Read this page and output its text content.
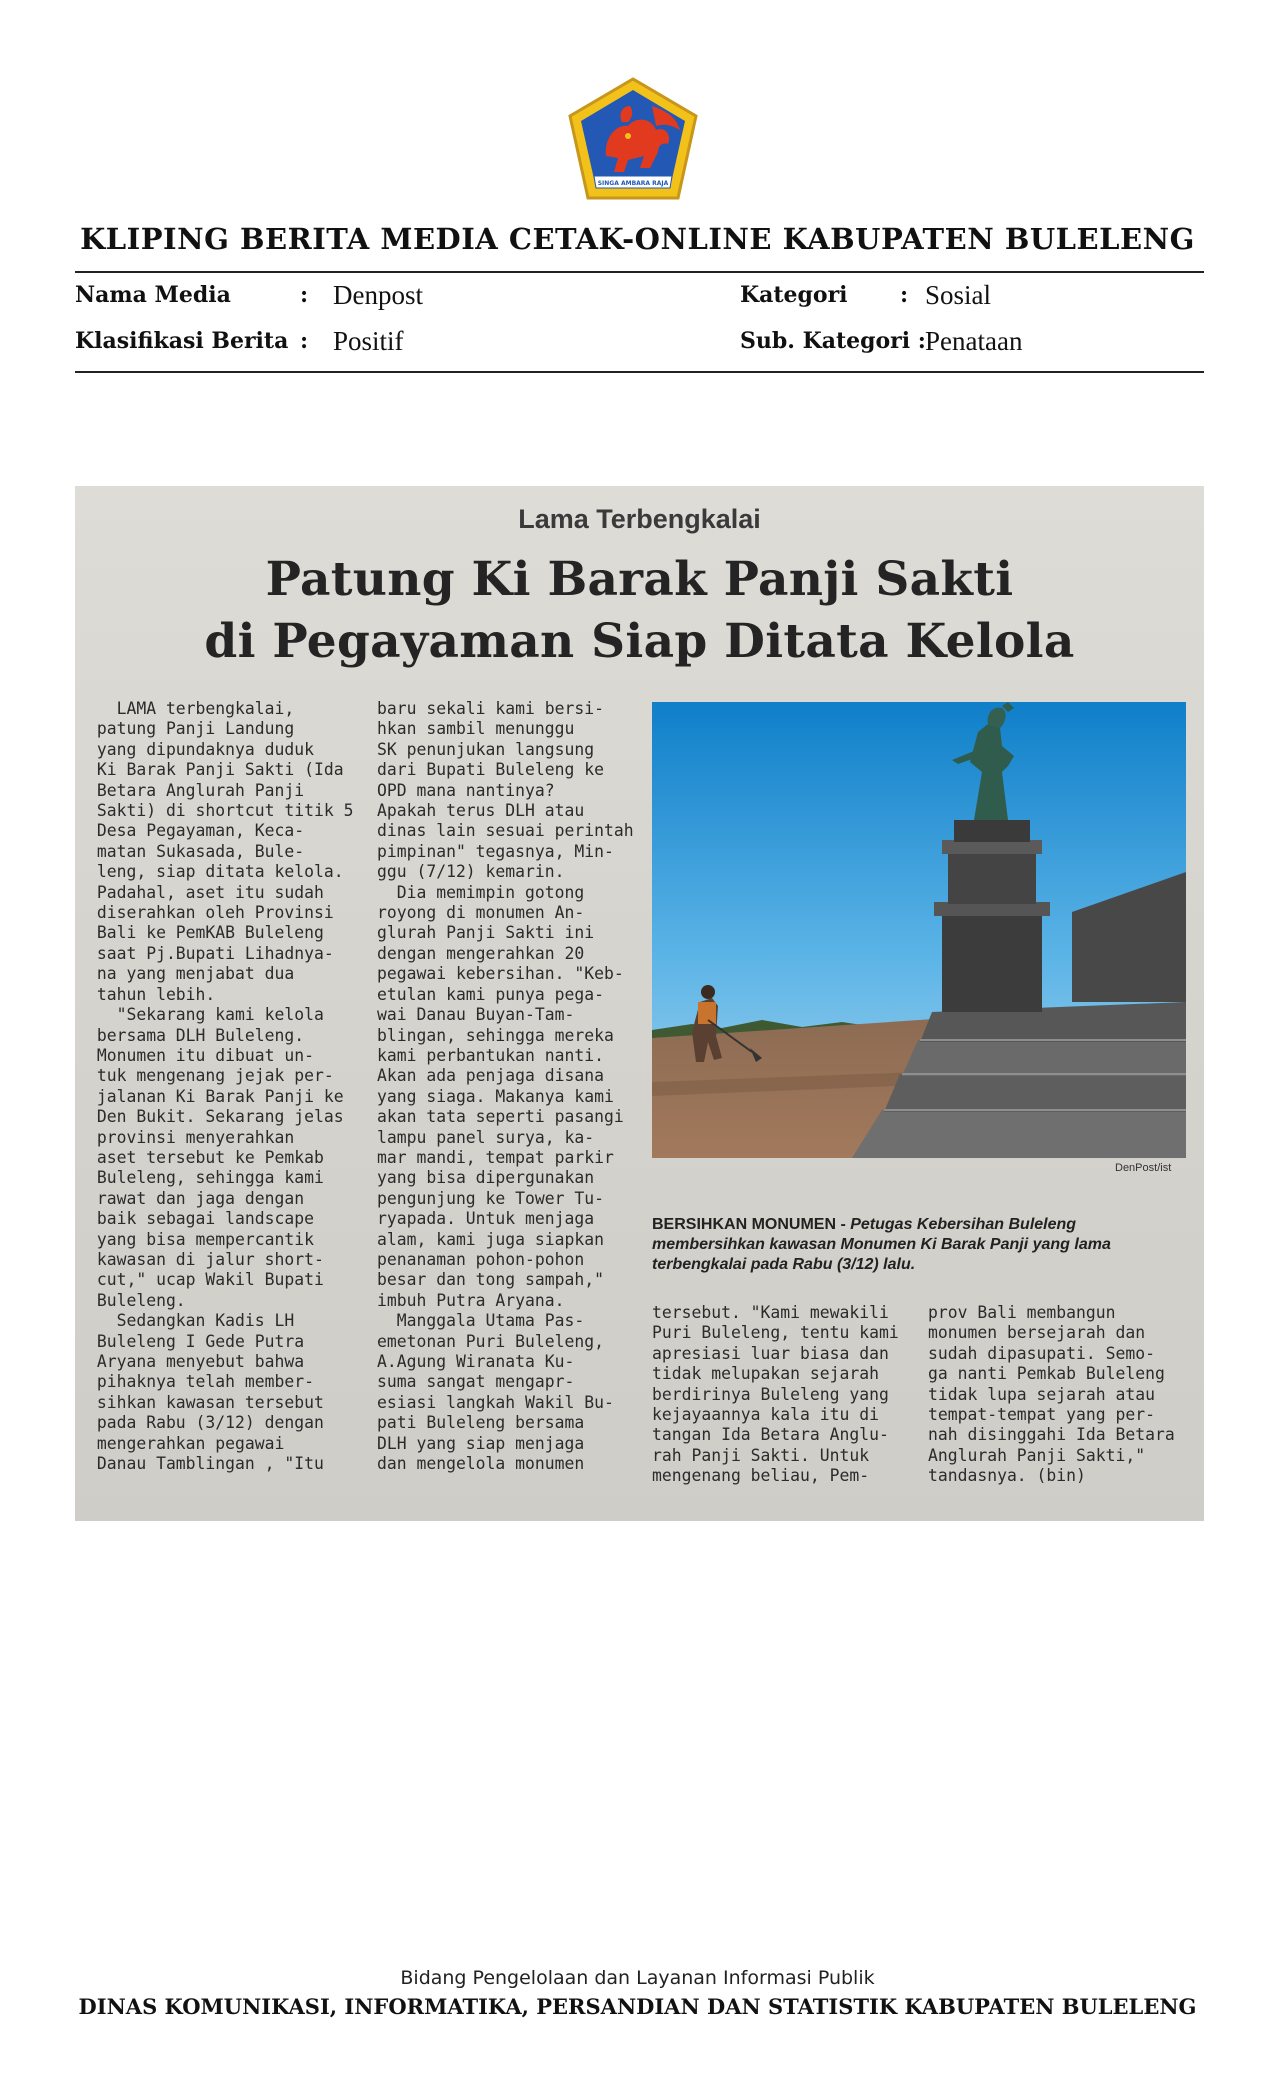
SINGA AMBARA RAJA
KLIPING BERITA MEDIA CETAK-ONLINE KABUPATEN BULELENG
Nama Media	: Denpost	Kategori : Sosial
Klasifikasi Berita : Positif	Sub. Kategori : Penataan
Lama Terbengkalai
Patung Ki Barak Panji Sakti
di Pegayaman Siap Ditata Kelola
LAMA terbengkalai,
patung Panji Landung
yang dipundaknya duduk
Ki Barak Panji Sakti (Ida
Betara Anglurah Panji
Sakti) di shortcut titik 5
Desa Pegayaman, Keca-
matan Sukasada, Bule-
leng, siap ditata kelola.
Padahal, aset itu sudah
diserahkan oleh Provinsi
Bali ke PemKAB Buleleng
saat Pj.Bupati Lihadnya-
na yang menjabat dua
tahun lebih.
"Sekarang kami kelola
bersama DLH Buleleng.
Monumen itu dibuat un-
tuk mengenang jejak per-
jalanan Ki Barak Panji ke
Den Bukit. Sekarang jelas
provinsi menyerahkan
aset tersebut ke Pemkab
Buleleng, sehingga kami
rawat dan jaga dengan
baik sebagai landscape
yang bisa mempercantik
kawasan di jalur short-
cut," ucap Wakil Bupati
Buleleng.
Sedangkan Kadis LH
Buleleng I Gede Putra
Aryana menyebut bahwa
pihaknya telah member-
sihkan kawasan tersebut
pada Rabu (3/12) dengan
mengerahkan pegawai
Danau Tamblingan , "Itu
baru sekali kami bersi-
hkan sambil menunggu
SK penunjukan langsung
dari Bupati Buleleng ke
OPD mana nantinya?
Apakah terus DLH atau
dinas lain sesuai perintah
pimpinan" tegasnya, Min-
ggu (7/12) kemarin.
Dia memimpin gotong
royong di monumen An-
glurah Panji Sakti ini
dengan mengerahkan 20
pegawai kebersihan. "Keb-
etulan kami punya pega-
wai Danau Buyan-Tam-
blingan, sehingga mereka
kami perbantukan nanti.
Akan ada penjaga disana
yang siaga. Makanya kami
akan tata seperti pasangi
lampu panel surya, ka-
mar mandi, tempat parkir
yang bisa dipergunakan
pengunjung ke Tower Tu-
ryapada. Untuk menjaga
alam, kami juga siapkan
penanaman pohon-pohon
besar dan tong sampah,"
imbuh Putra Aryana.
Manggala Utama Pas-
emetonan Puri Buleleng,
A.Agung Wiranata Ku-
suma sangat mengapr-
esiasi langkah Wakil Bu-
pati Buleleng bersama
DLH yang siap menjaga
dan mengelola monumen
DenPost/ist
BERSIHKAN MONUMEN - Petugas Kebersihan Buleleng membersihkan kawasan Monumen Ki Barak Panji yang lama terbengkalai pada Rabu (3/12) lalu.
tersebut. "Kami mewakili
Puri Buleleng, tentu kami
apresiasi luar biasa dan
tidak melupakan sejarah
berdirinya Buleleng yang
kejayaannya kala itu di
tangan Ida Betara Anglu-
rah Panji Sakti. Untuk
mengenang beliau, Pem-
prov Bali membangun
monumen bersejarah dan
sudah dipasupati. Semo-
ga nanti Pemkab Buleleng
tidak lupa sejarah atau
tempat-tempat yang per-
nah disinggahi Ida Betara
Anglurah Panji Sakti,"
tandasnya. (bin)
Bidang Pengelolaan dan Layanan Informasi Publik
DINAS KOMUNIKASI, INFORMATIKA, PERSANDIAN DAN STATISTIK KABUPATEN BULELENG
